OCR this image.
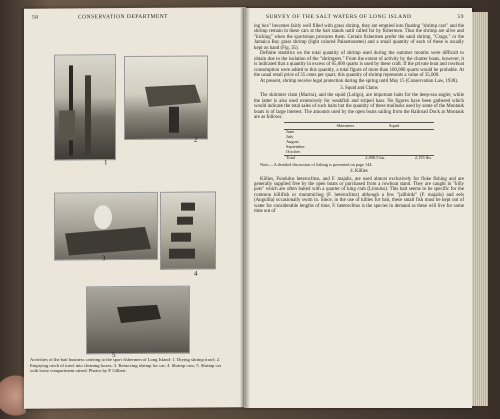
58	CONSERVATION DEPARTMENT
1
2
3
4
5
Activities of the bait business catering to the sport fishermen of Long Island: 1. Drying shrimp trawl; 2. Emptying catch of trawl into cleaning boxes; 3. Removing shrimp for car; 4. Shrimp cars; 5. Shrimp car with loose compartment raised. Photos by P. Gilbert.
SURVEY OF THE SALT WATERS OF LONG ISLAND	59

ing box" becomes fairly well filled with grass shrimp, they are emptied into floating "shrimp cars" and the shrimp remain in these cars at the bait stands until called for by fishermen. Thus the shrimp are alive and "kicking" when the sportsman procures them. Certain fishermen prefer the sand shrimp, "Crago," or the Jamaica Bay grass shrimp (light colored Palaemonetes) and a small quantity of each of these is usually kept on hand (Fig. 35).

Definite statistics on the total quantity of shrimp used during the summer months were difficult to obtain due to the isolation of the "shrimpers." From the extent of activity by the charter boats, however, it is indicated that a quantity in excess of 65,000 quarts is used by these craft. If the private boat and rowboat consumption were added to this quantity, a total figure of more than 100,000 quarts would be probable. At the usual retail price of 35 cents per quart, this quantity of shrimp represents a value of 35,000.

At present, shrimp receive legal protection during the spring until May 15 (Conservation Law, 1938).

3. Squid and Clams

The skimmer clam (Mactra), and the squid (Loligo), are important baits for the deep-sea angler, while the latter is also used extensively for weakfish and striped bass. No figures have been gathered which would indicate the total sales of such baits but the quantity of these mollusks used by some of the Montauk boats is of large interest. The amounts used by the open boats sailing from the Railroad Dock at Montauk are as follows:

	Skimmers	Squid
June		
July		
August		
September		
October		
Total	2,098.5 bu.	2,155 lbs.
Note.—A detailed discussion of fishing is presented on page 144.
4. Killies

Killies, Fundulus heteroclitus, and F. majalis, are used almost exclusively for fluke fishing and are generally supplied free by the open boats or purchased from a rowboat stand. They are caught in "killy pots" which are often baited with a quarter of king crab (Limulus). This bait seems to be specific for the common killifish or mummichog (F. heteroclitus) although a few "jailbirds" (F. majalis) and eels (Anguilla) occasionally swim in. Since, in the use of killies for bait, these small fish must be kept out of water for considerable lengths of time, F. heteroclitus is the species in demand as these will live for some time out of
